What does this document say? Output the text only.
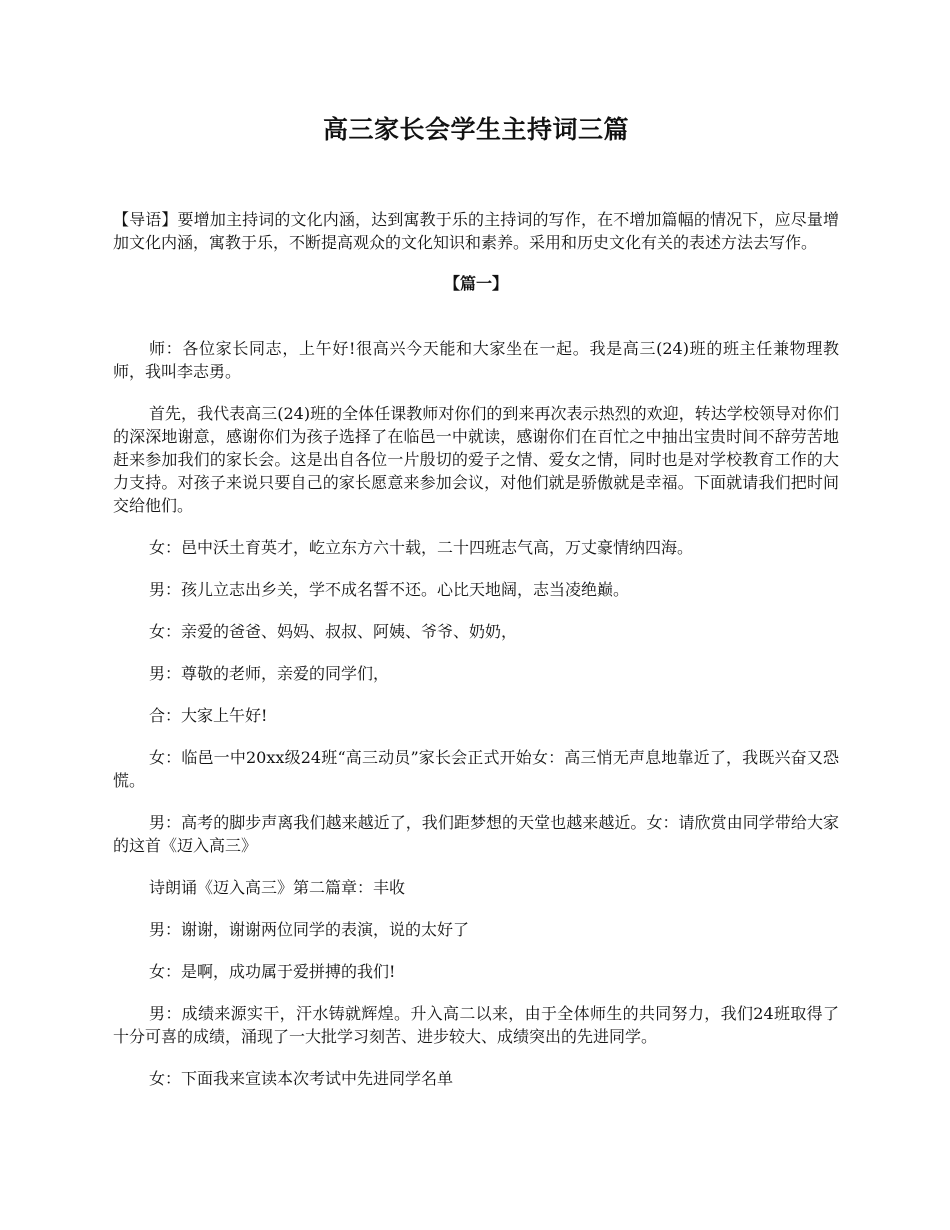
高三家长会学生主持词三篇

【导语】要增加主持词的文化内涵，达到寓教于乐的主持词的写作，在不增加篇幅的情况下，应尽量增加文化内涵，寓教于乐，不断提高观众的文化知识和素养。采用和历史文化有关的表述方法去写作。

【篇一】

师：各位家长同志，上午好!很高兴今天能和大家坐在一起。我是高三(24)班的班主任兼物理教师，我叫李志勇。

首先，我代表高三(24)班的全体任课教师对你们的到来再次表示热烈的欢迎，转达学校领导对你们的深深地谢意，感谢你们为孩子选择了在临邑一中就读，感谢你们在百忙之中抽出宝贵时间不辞劳苦地赶来参加我们的家长会。这是出自各位一片殷切的爱子之情、爱女之情，同时也是对学校教育工作的大力支持。对孩子来说只要自己的家长愿意来参加会议，对他们就是骄傲就是幸福。下面就请我们把时间交给他们。

女：邑中沃土育英才，屹立东方六十载，二十四班志气高，万丈豪情纳四海。

男：孩儿立志出乡关，学不成名誓不还。心比天地阔，志当凌绝巅。

女：亲爱的爸爸、妈妈、叔叔、阿姨、爷爷、奶奶，

男：尊敬的老师，亲爱的同学们，

合：大家上午好!

女：临邑一中20xx级24班“高三动员”家长会正式开始女：高三悄无声息地靠近了，我既兴奋又恐慌。

男：高考的脚步声离我们越来越近了，我们距梦想的天堂也越来越近。女：请欣赏由同学带给大家的这首《迈入高三》

诗朗诵《迈入高三》第二篇章：丰收

男：谢谢，谢谢两位同学的表演，说的太好了

女：是啊，成功属于爱拼搏的我们!

男：成绩来源实干，汗水铸就辉煌。升入高二以来，由于全体师生的共同努力，我们24班取得了十分可喜的成绩，涌现了一大批学习刻苦、进步较大、成绩突出的先进同学。

女：下面我来宣读本次考试中先进同学名单
